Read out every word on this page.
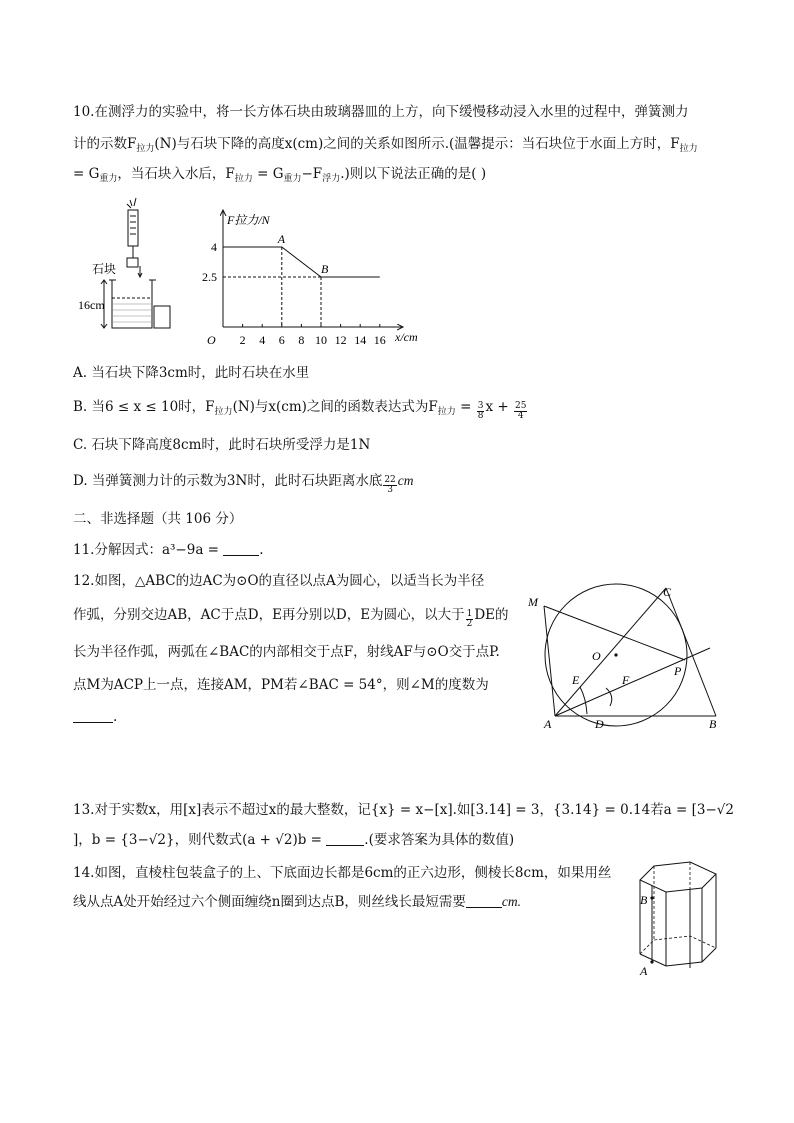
10.在测浮力的实验中，将一长方体石块由玻璃器皿的上方，向下缓慢移动浸入水里的过程中，弹簧测力
计的示数$F_{拉力}(N)$与石块下降的高度x(cm)之间的关系如图所示.(温馨提示：当石块位于水面上方时，$F_{拉力}$
= $G_{重力}$，当石块入水后，$F_{拉力} = G_{重力}-F_{浮力}$.)则以下说法正确的是( )
石块
16cm
F拉力/N
x/cm
O 2 4 6 8 10 12 14 16
4
2.5
A
B
A. 当石块下降3cm时，此时石块在水里
B. 当6 ≤ x ≤ 10时，$F_{拉力}(N)$与x(cm)之间的函数表达式为$F_{拉力} = \frac{3}{8}$ $x + \frac{25}{4}$
C. 石块下降高度8cm时，此时石块所受浮力是1N
D. 当弹簧测力计的示数为3N时，此时石块距离水底 $\frac{22}{3}$ cm
二、非选择题（共 106 分）
11.分解因式：a³−9a =	.
12.如图，△ABC的边AC为⊙O的直径以点A为圆心，以适当长为半径
作弧，分别交边AB，AC于点D，E再分别以D，E为圆心，以大于 $\frac{1}{2}$ DE的
长为半径作弧，两弧在∠BAC的内部相交于点F，射线AF与⊙O交于点P.
点M为ACP上一点，连接AM，PM若∠BAC = 54°，则∠M的度数为
.
M
C
O
E	F
P
A	D	B
13.对于实数x，用[x]表示不超过x的最大整数，记{x} = x−[x].如[3.14] = 3，{3.14} = 0.14若a = [3−√2
]，b = {3−√2}，则代数式(a + √2)b =	.(要求答案为具体的数值)
14.如图，直棱柱包装盒子的上、下底面边长都是6cm的正六边形，侧棱长8cm，如果用丝
线从点A处开始经过六个侧面缠绕n圈到达点B，则丝线长最短需要	cm.	B
A
